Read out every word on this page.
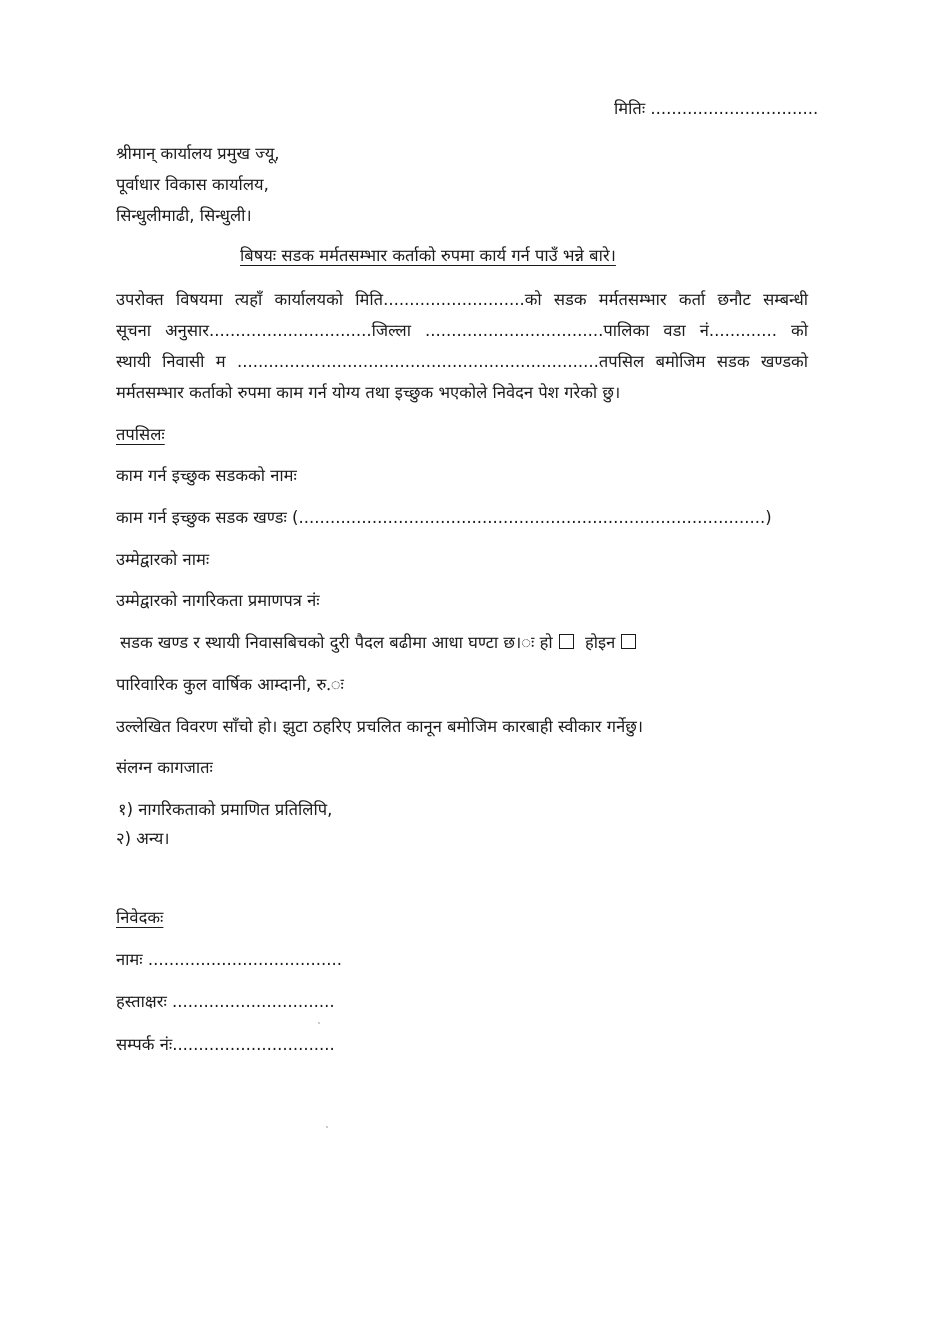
मितिः ................................
श्रीमान् कार्यालय प्रमुख ज्यू,
पूर्वाधार विकास कार्यालय,
सिन्धुलीमाढी, सिन्धुली।
बिषयः सडक मर्मतसम्भार कर्ताको रुपमा कार्य गर्न पाउँ भन्ने बारे।
उपरोक्त विषयमा त्यहाँ कार्यालयको मिति...........................को सडक मर्मतसम्भार कर्ता छनौट सम्बन्धी
सूचना अनुसार...............................जिल्ला ..................................पालिका वडा नं............. को
स्थायी निवासी म .....................................................................तपसिल बमोजिम सडक खण्डको
मर्मतसम्भार कर्ताको रुपमा काम गर्न योग्य तथा इच्छुक भएकोले निवेदन पेश गरेको छु।
तपसिलः
काम गर्न इच्छुक सडकको नामः
काम गर्न इच्छुक सडक खण्डः (.........................................................................................)
उम्मेद्वारको नामः
उम्मेद्वारको नागरिकता प्रमाणपत्र नंः
सडक खण्ड र स्थायी निवासबिचको दुरी पैदल बढीमा आधा घण्टा छ।ः हो होइन
पारिवारिक कुल वार्षिक आम्दानी, रु.ः
उल्लेखित विवरण साँचो हो। झुटा ठहरिए प्रचलित कानून बमोजिम कारबाही स्वीकार गर्नेछु।
संलग्न कागजातः
१) नागरिकताको प्रमाणित प्रतिलिपि,
२) अन्य।
निवेदकः
नामः .....................................
हस्ताक्षरः ...............................
सम्पर्क नंः...............................
